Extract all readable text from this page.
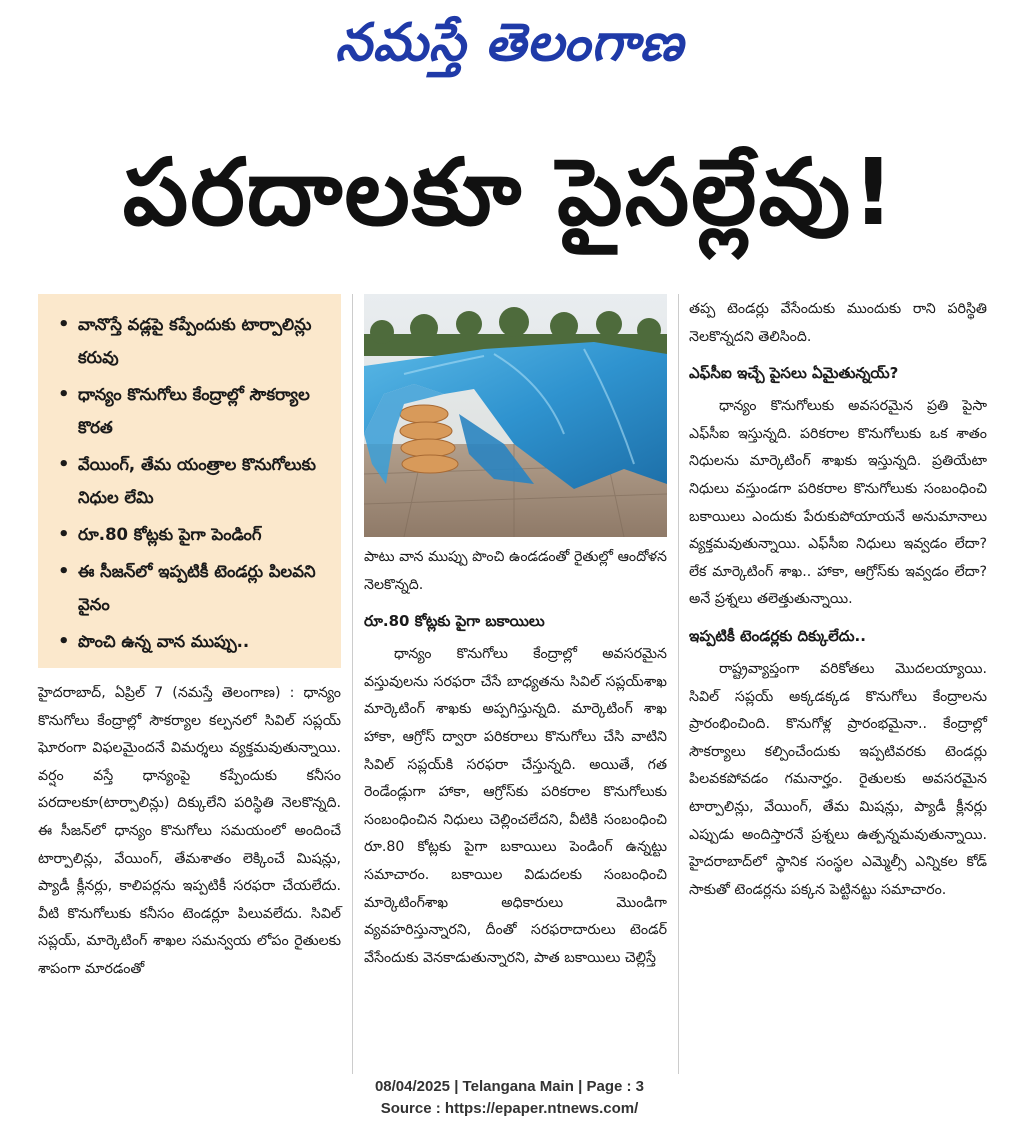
నమస్తే తెలంగాణ
పరదాలకూ పైసల్లేవు!
• వానొస్తే వడ్లపై కప్పేందుకు టార్పాలిన్లు కరువు
• ధాన్యం కొనుగోలు కేంద్రాల్లో సౌకర్యాల కొరత
• వేయింగ్, తేమ యంత్రాల కొనుగోలుకు నిధుల లేమి
• రూ.80 కోట్లకు పైగా పెండింగ్
• ఈ సీజన్‌లో ఇప్పటికీ టెండర్లు పిలవని వైనం
• పొంచి ఉన్న వాన ముప్పు..

హైదరాబాద్, ఏప్రిల్ 7 (నమస్తే తెలంగాణ) : ధాన్యం కొనుగోలు కేంద్రాల్లో సౌకర్యాల కల్పనలో సివిల్ సప్లయ్ ఘోరంగా విఫలమైందనే విమర్శలు వ్యక్తమవుతున్నాయి. వర్షం వస్తే ధాన్యంపై కప్పేందుకు కనీసం పరదాలకూ(టార్పాలిన్లు) దిక్కులేని పరిస్థితి నెలకొన్నది. ఈ సీజన్‌లో ధాన్యం కొనుగోలు సమయంలో అందించే టార్పాలిన్లు, వేయింగ్, తేమశాతం లెక్కించే మిషన్లు, ప్యాడీ క్లీనర్లు, కాలిపర్లను ఇప్పటికీ సరఫరా చేయలేదు. వీటి కొనుగోలుకు కనీసం టెండర్లూ పిలువలేదు. సివిల్ సప్లయ్, మార్కెటింగ్ శాఖల సమన్వయ లోపం రైతులకు శాపంగా మారడంతో

పాటు వాన ముప్పు పొంచి ఉండడంతో రైతుల్లో ఆందోళన నెలకొన్నది.

రూ.80 కోట్లకు పైగా బకాయిలు

ధాన్యం కొనుగోలు కేంద్రాల్లో అవసరమైన వస్తువులను సరఫరా చేసే బాధ్యతను సివిల్ సప్లయ్‌శాఖ మార్కెటింగ్ శాఖకు అప్పగిస్తున్నది. మార్కెటింగ్ శాఖ హాకా, ఆగ్రోస్ ద్వారా పరికరాలు కొనుగోలు చేసి వాటిని సివిల్ సప్లయ్‌కి సరఫరా చేస్తున్నది. అయితే, గత రెండేండ్లుగా హాకా, ఆగ్రోస్‌కు పరికరాల కొనుగోలుకు సంబంధించిన నిధులు చెల్లించలేదని, వీటికి సంబంధించి రూ.80 కోట్లకు పైగా బకాయిలు పెండింగ్ ఉన్నట్టు సమాచారం. బకాయిల విడుదలకు సంబంధించి మార్కెటింగ్‌శాఖ అధికారులు మొండిగా వ్యవహరిస్తున్నారని, దీంతో సరఫరాదారులు టెండర్ వేసేందుకు వెనకాడుతున్నారని, పాత బకాయిలు చెల్లిస్తే

తప్ప టెండర్లు వేసేందుకు ముందుకు రాని పరిస్థితి నెలకొన్నదని తెలిసింది.

ఎఫ్‌సీఐ ఇచ్చే పైసలు ఏమైతున్నయ్?

ధాన్యం కొనుగోలుకు అవసరమైన ప్రతి పైసా ఎఫ్‌సీఐ ఇస్తున్నది. పరికరాల కొనుగోలుకు ఒక శాతం నిధులను మార్కెటింగ్ శాఖకు ఇస్తున్నది. ప్రతియేటా నిధులు వస్తుండగా పరికరాల కొనుగోలుకు సంబంధించి బకాయిలు ఎందుకు పేరుకుపోయాయనే అనుమానాలు వ్యక్తమవుతున్నాయి. ఎఫ్‌సీఐ నిధులు ఇవ్వడం లేదా? లేక మార్కెటింగ్ శాఖ.. హాకా, ఆగ్రోస్‌కు ఇవ్వడం లేదా? అనే ప్రశ్నలు తలెత్తుతున్నాయి.

ఇప్పటికీ టెండర్లకు దిక్కులేదు..

రాష్ట్రవ్యాప్తంగా వరికోతలు మొదలయ్యాయి. సివిల్ సప్లయ్ అక్కడక్కడ కొనుగోలు కేంద్రాలను ప్రారంభించింది. కొనుగోళ్ల ప్రారంభమైనా.. కేంద్రాల్లో సౌకర్యాలు కల్పించేందుకు ఇప్పటివరకు టెండర్లు పిలవకపోవడం గమనార్హం. రైతులకు అవసరమైన టార్పాలిన్లు, వేయింగ్, తేమ మిషన్లు, ప్యాడీ క్లీనర్లు ఎప్పుడు అందిస్తారనే ప్రశ్నలు ఉత్పన్నమవుతున్నాయి. హైదరాబాద్‌లో స్థానిక సంస్థల ఎమ్మెల్సీ ఎన్నికల కోడ్ సాకుతో టెండర్లను పక్కన పెట్టినట్టు సమాచారం.

08/04/2025 | Telangana Main | Page : 3
Source : https://epaper.ntnews.com/
